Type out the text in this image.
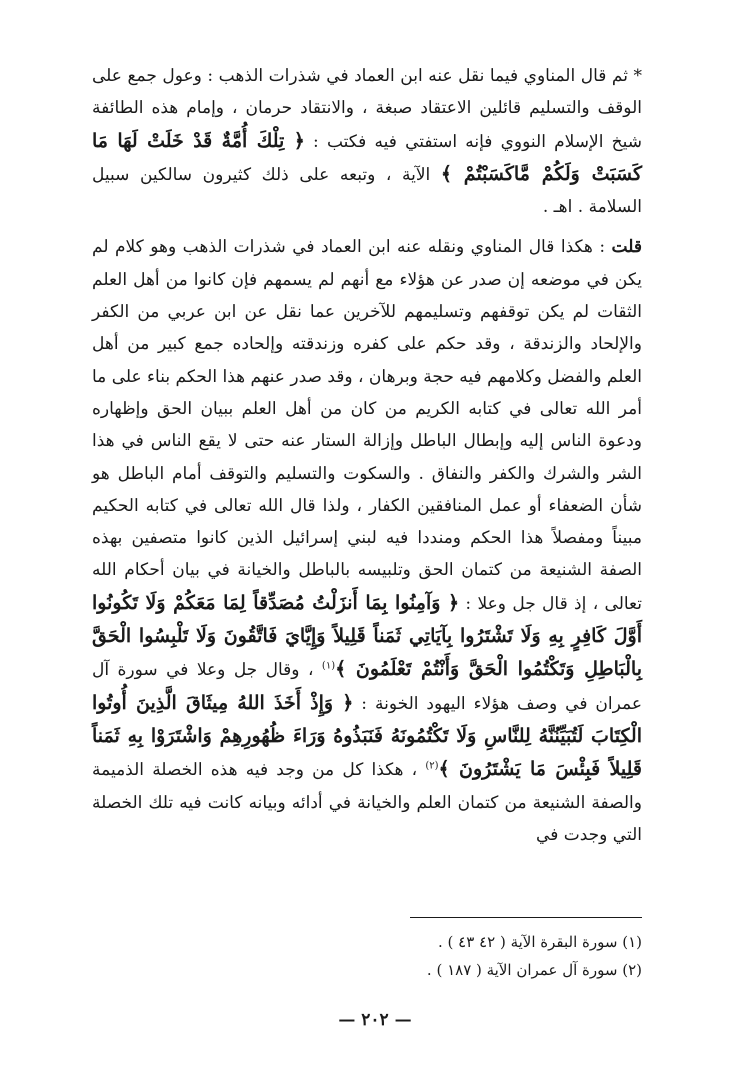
* ثم قال المناوي فيما نقل عنه ابن العماد في شذرات الذهب : وعول جمع على الوقف والتسليم قائلين الاعتقاد صبغة ، والانتقاد حرمان ، وإمام هذه الطائفة شيخ الإسلام النووي فإنه استفتي فيه فكتب : ﴿ تِلْكَ أُمَّةٌ قَدْ خَلَتْ لَهَا مَا كَسَبَتْ وَلَكُمْ مَّاكَسَبْتُمْ ﴾ الآية ، وتبعه على ذلك كثيرون سالكين سبيل السلامة . اهـ .

قلت : هكذا قال المناوي ونقله عنه ابن العماد في شذرات الذهب وهو كلام لم يكن في موضعه إن صدر عن هؤلاء مع أنهم لم يسمهم فإن كانوا من أهل العلم الثقات لم يكن توقفهم وتسليمهم للآخرين عما نقل عن ابن عربي من الكفر والإلحاد والزندقة ، وقد حكم على كفره وزندقته وإلحاده جمع كبير من أهل العلم والفضل وكلامهم فيه حجة وبرهان ، وقد صدر عنهم هذا الحكم بناء على ما أمر الله تعالى في كتابه الكريم من كان من أهل العلم ببيان الحق وإظهاره ودعوة الناس إليه وإبطال الباطل وإزالة الستار عنه حتى لا يقع الناس في هذا الشر والشرك والكفر والنفاق . والسكوت والتسليم والتوقف أمام الباطل هو شأن الضعفاء أو عمل المنافقين الكفار ، ولذا قال الله تعالى في كتابه الحكيم مبيناً ومفصلاً هذا الحكم ومنددا فيه لبني إسرائيل الذين كانوا متصفين بهذه الصفة الشنيعة من كتمان الحق وتلبيسه بالباطل والخيانة في بيان أحكام الله تعالى ، إذ قال جل وعلا : ﴿ وَآمِنُوا بِمَا أَنزَلْتُ مُصَدِّقاً لِمَا مَعَكُمْ وَلَا تَكُونُوا أَوَّلَ كَافِرٍ بِهِ وَلَا تَشْتَرُوا بِآيَاتِي ثَمَناً قَلِيلاً وَإِيَّايَ فَاتَّقُونَ وَلَا تَلْبِسُوا الْحَقَّ بِالْبَاطِلِ وَتَكْتُمُوا الْحَقَّ وَأَنْتُمْ تَعْلَمُونَ ﴾$^{(١)}$ ، وقال جل وعلا في سورة آل عمران في وصف هؤلاء اليهود الخونة : ﴿ وَإِذْ أَخَذَ اللهُ مِيثَاقَ الَّذِينَ أُوتُوا الْكِتَابَ لَتُبَيِّنُنَّهُ لِلنَّاسِ وَلَا تَكْتُمُونَهُ فَنَبَذُوهُ وَرَاءَ ظُهُورِهِمْ وَاشْتَرَوْا بِهِ ثَمَناً قَلِيلاً فَبِئْسَ مَا يَشْتَرُونَ ﴾$^{(٢)}$ ، هكذا كل من وجد فيه هذه الخصلة الذميمة والصفة الشنيعة من كتمان العلم والخيانة في أدائه وبيانه كانت فيه تلك الخصلة التي وجدت في

(١) سورة البقرة الآية ( ٤٢ ٤٣ ) .

(٢) سورة آل عمران الآية ( ١٨٧ ) .

— ٢٠٢ —
